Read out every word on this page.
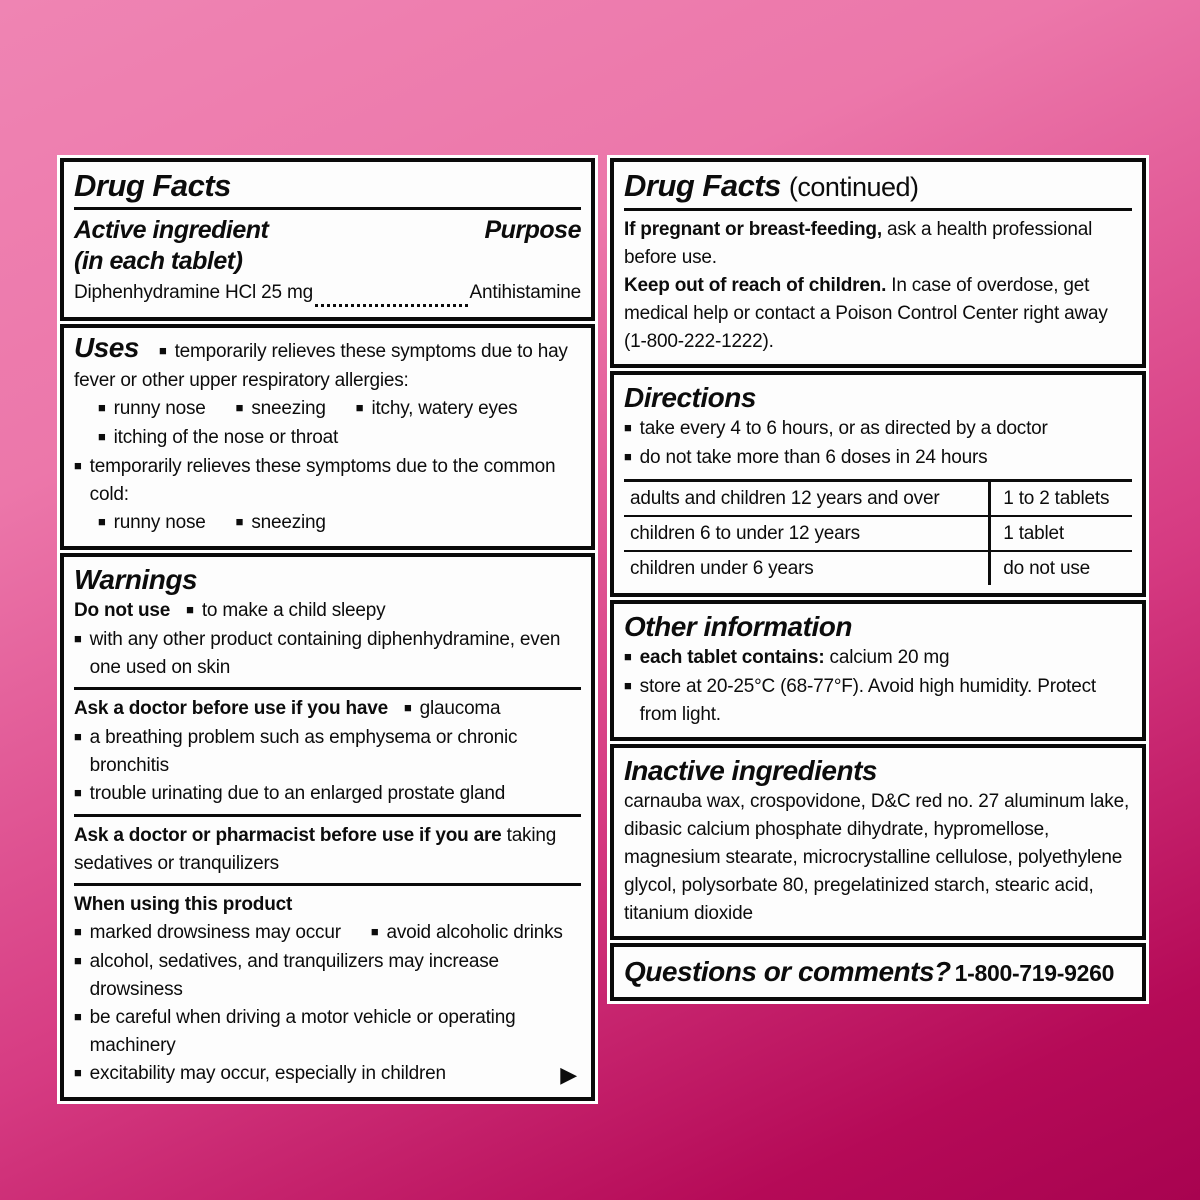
Drug Facts
Active ingredient
(in each tablet)
Purpose
Diphenhydramine HCl 25 mg	Antihistamine

Uses ■ temporarily relieves these symptoms due to hay fever or other upper respiratory allergies:

■ runny nose ■ sneezing ■ itchy, watery eyes
■ itching of the nose or throat
■ temporarily relieves these symptoms due to the common cold:
■ runny nose ■ sneezing
Warnings

Do not use ■ to make a child sleepy

■ with any other product containing diphenhydramine, even one used on skin

Ask a doctor before use if you have ■ glaucoma

■ a breathing problem such as emphysema or chronic bronchitis
■ trouble urinating due to an enlarged prostate gland

Ask a doctor or pharmacist before use if you are taking sedatives or tranquilizers

When using this product

■ marked drowsiness may occur ■ avoid alcoholic drinks
■ alcohol, sedatives, and tranquilizers may increase drowsiness
■ be careful when driving a motor vehicle or operating machinery
■ excitability may occur, especially in children	▶
Drug Facts (continued)

If pregnant or breast-feeding, ask a health professional before use.

Keep out of reach of children. In case of overdose, get medical help or contact a Poison Control Center right away (1-800-222-1222).

Directions
■ take every 4 to 6 hours, or as directed by a doctor
■ do not take more than 6 doses in 24 hours
adults and children 12 years and over	1 to 2 tablets
children 6 to under 12 years	1 tablet
children under 6 years	do not use
Other information
■ each tablet contains: calcium 20 mg
■ store at 20-25°C (68-77°F). Avoid high humidity. Protect from light.
Inactive ingredients

carnauba wax, crospovidone, D&C red no. 27 aluminum lake, dibasic calcium phosphate dihydrate, hypromellose, magnesium stearate, microcrystalline cellulose, polyethylene glycol, polysorbate 80, pregelatinized starch, stearic acid, titanium dioxide

Questions or comments? 1-800-719-9260
